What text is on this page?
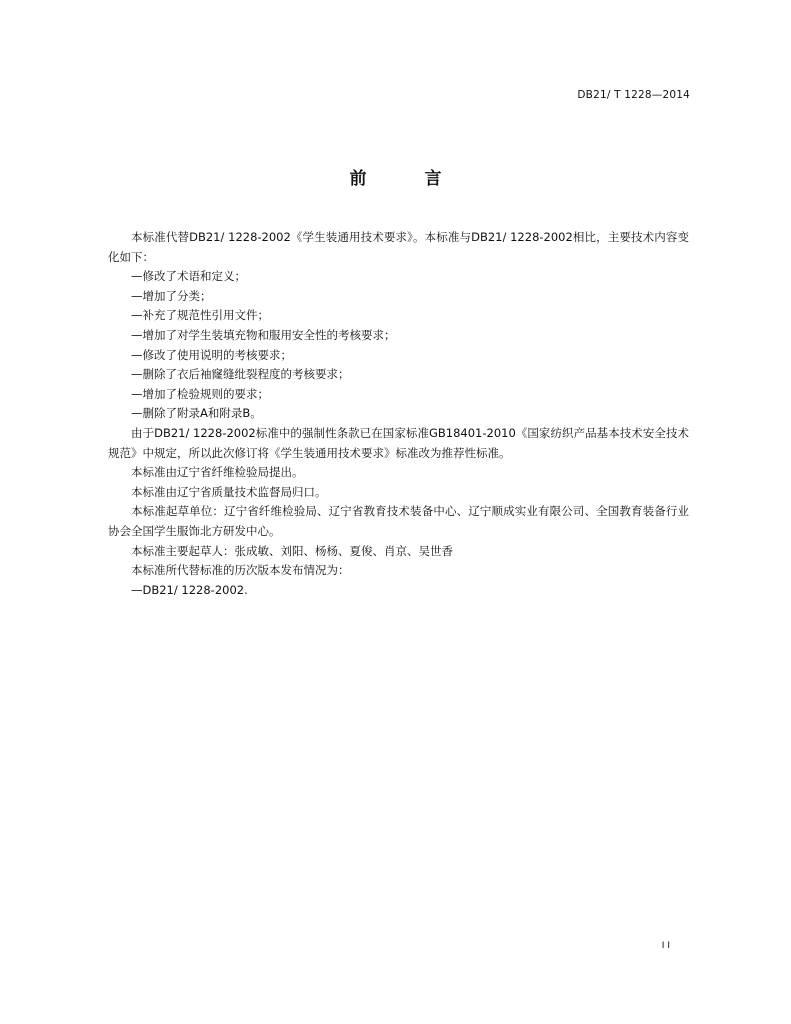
DB21/ T 1228—2014
前 言

本标准代替DB21/ 1228-2002《学生装通用技术要求》。本标准与DB21/ 1228-2002相比，主要技术内容变化如下：

—修改了术语和定义；

—增加了分类；

—补充了规范性引用文件；

—增加了对学生装填充物和服用安全性的考核要求；

—修改了使用说明的考核要求；

—删除了衣后袖窿缝纰裂程度的考核要求；

—增加了检验规则的要求；

—删除了附录A和附录B。

由于DB21/ 1228-2002标准中的强制性条款已在国家标准GB18401-2010《国家纺织产品基本技术安全技术规范》中规定，所以此次修订将《学生装通用技术要求》标准改为推荐性标准。

本标准由辽宁省纤维检验局提出。

本标准由辽宁省质量技术监督局归口。

本标准起草单位：辽宁省纤维检验局、辽宁省教育技术装备中心、辽宁顺成实业有限公司、全国教育装备行业协会全国学生服饰北方研发中心。

本标准主要起草人：张成敏、刘阳、杨杨、夏俊、肖京、吴世香

本标准所代替标准的历次版本发布情况为：

—DB21/ 1228-2002.

II
